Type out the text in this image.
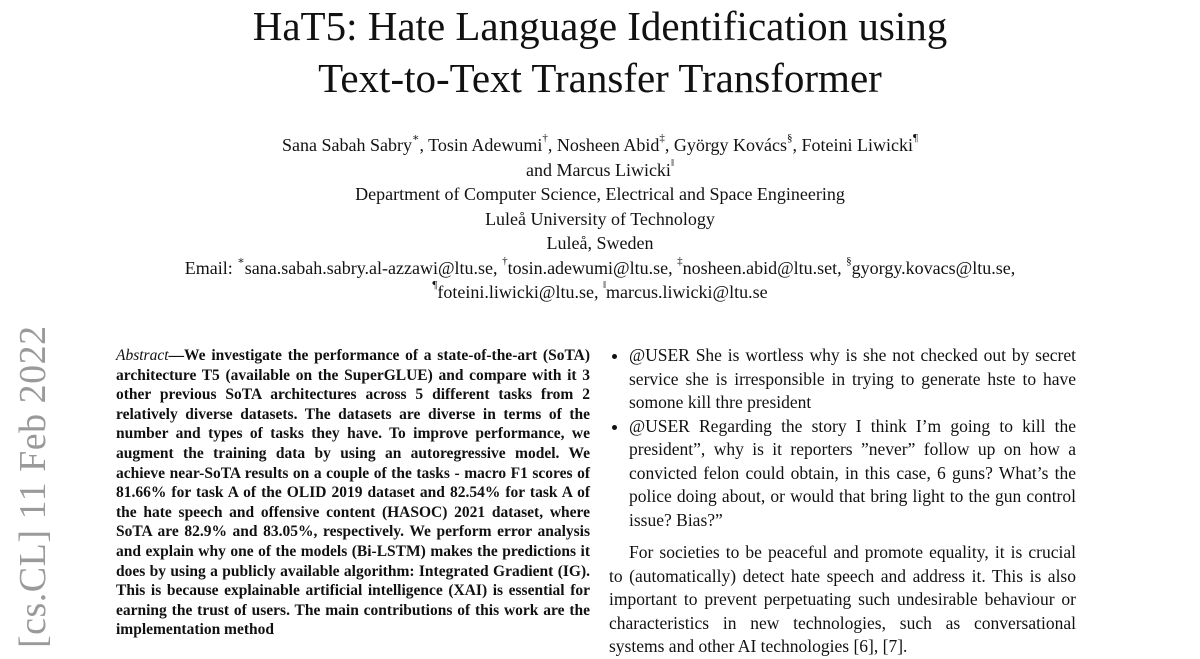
HaT5: Hate Language Identification using
Text-to-Text Transfer Transformer
Sana Sabah Sabry∗, Tosin Adewumi†, Nosheen Abid‡, György Kovács§, Foteini Liwicki¶
and Marcus Liwicki‖
Department of Computer Science, Electrical and Space Engineering
Luleå University of Technology
Luleå, Sweden
Email: ∗sana.sabah.sabry.al-azzawi@ltu.se, †tosin.adewumi@ltu.se, ‡nosheen.abid@ltu.set, §gyorgy.kovacs@ltu.se,
¶foteini.liwicki@ltu.se, ‖marcus.liwicki@ltu.se
[cs.CL] 11 Feb 2022	Abstract—We investigate the performance of a state-of-the-art (SoTA) architecture T5 (available on the SuperGLUE) and compare with it 3 other previous SoTA architectures across 5 different tasks from 2 relatively diverse datasets. The datasets are diverse in terms of the number and types of tasks they have. To improve performance, we augment the training data by using an autoregressive model. We achieve near-SoTA results on a couple of the tasks - macro F1 scores of 81.66% for task A of the OLID 2019 dataset and 82.54% for task A of the hate speech and offensive content (HASOC) 2021 dataset, where SoTA are 82.9% and 83.05%, respectively. We perform error analysis and explain why one of the models (Bi-LSTM) makes the predictions it does by using a publicly available algorithm: Integrated Gradient (IG). This is because explainable artificial intelligence (XAI) is essential for earning the trust of users. The main contributions of this work are the implementation method
• @USER She is wortless why is she not checked out by secret service she is irresponsible in trying to generate hste to have somone kill thre president
• @USER Regarding the story I think I’m going to kill the president”, why is it reporters ”never” follow up on how a convicted felon could obtain, in this case, 6 guns? What’s the police doing about, or would that bring light to the gun control issue? Bias?”

For societies to be peaceful and promote equality, it is crucial to (automatically) detect hate speech and address it. This is also important to prevent perpetuating such undesirable behaviour or characteristics in new technologies, such as conversational systems and other AI technologies [6], [7].
